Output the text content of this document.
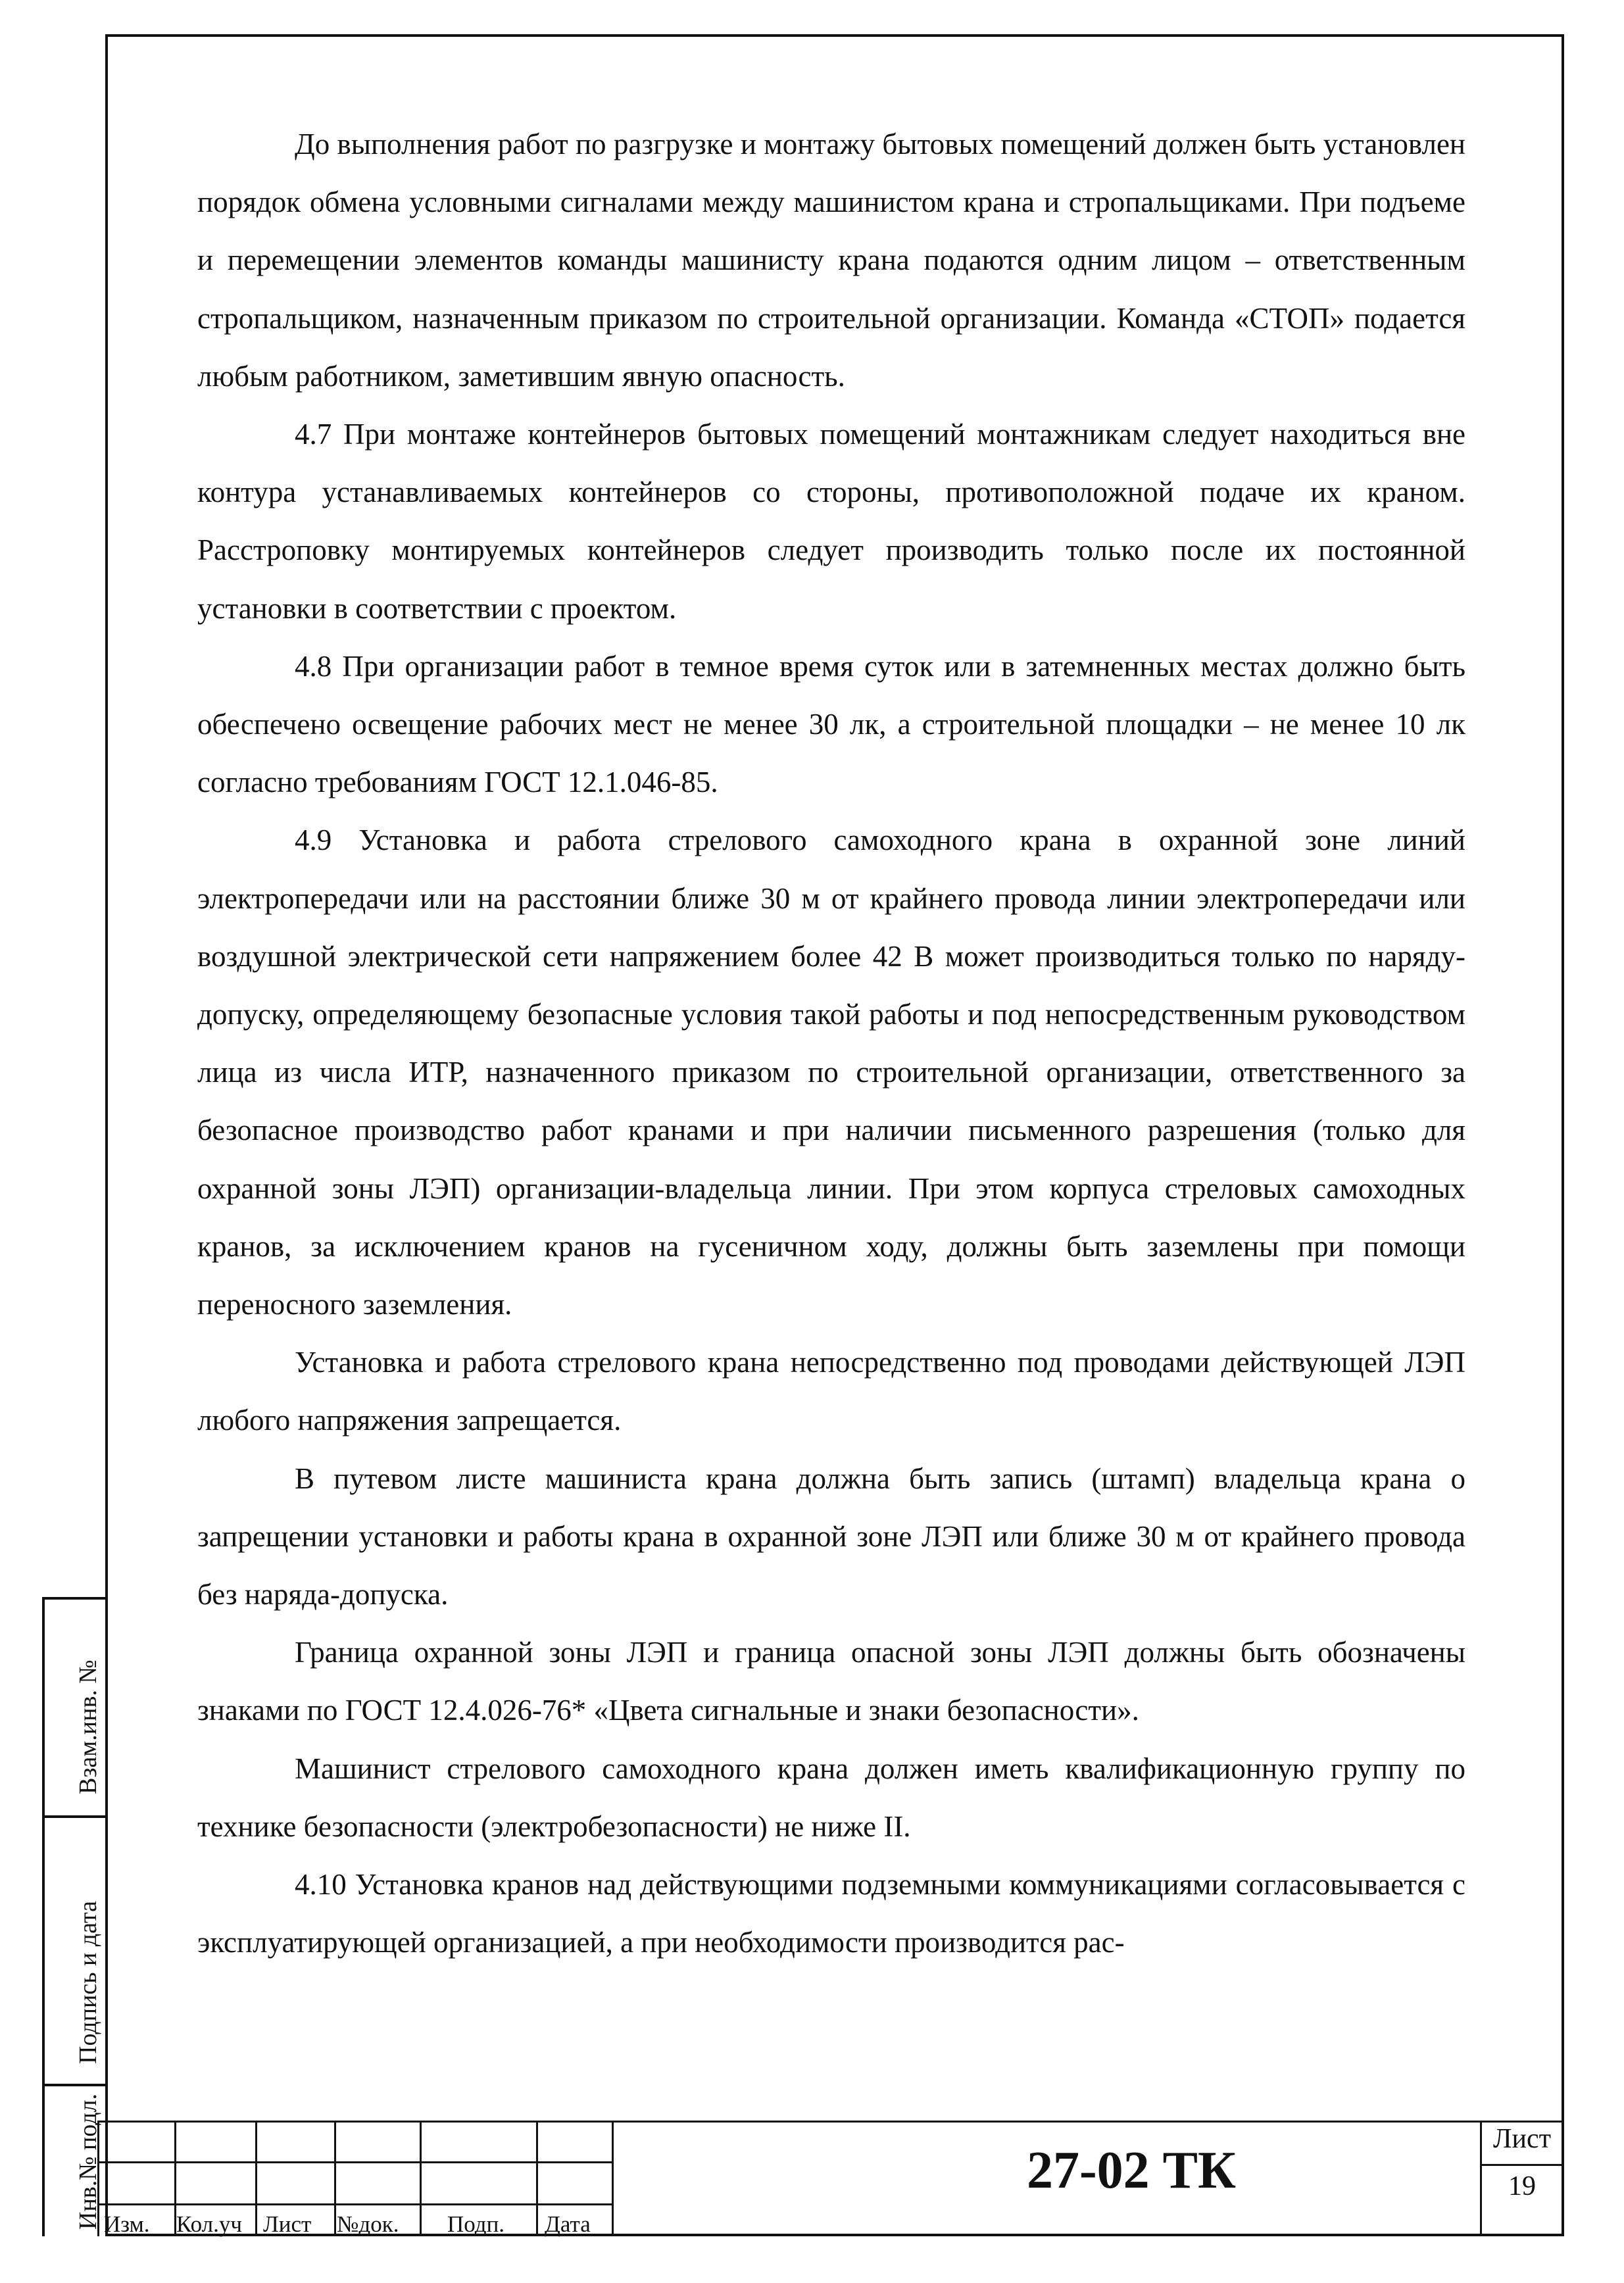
До выполнения работ по разгрузке и монтажу бытовых помещений должен быть установлен порядок обмена условными сигналами между машинистом крана и стропальщиками. При подъеме и перемещении элементов команды машинисту крана подаются одним лицом – ответственным стропальщиком, назначенным приказом по строительной организации. Команда «СТОП» подается любым работником, заметившим явную опасность.

4.7 При монтаже контейнеров бытовых помещений монтажникам следует находиться вне контура устанавливаемых контейнеров со стороны, противоположной подаче их краном. Расстроповку монтируемых контейнеров следует производить только после их постоянной установки в соответствии с проектом.

4.8 При организации работ в темное время суток или в затемненных местах должно быть обеспечено освещение рабочих мест не менее 30 лк, а строительной площадки – не менее 10 лк согласно требованиям ГОСТ 12.1.046-85.

4.9 Установка и работа стрелового самоходного крана в охранной зоне линий электропередачи или на расстоянии ближе 30 м от крайнего провода линии электропередачи или воздушной электрической сети напряжением более 42 В может производиться только по наряду-допуску, определяющему безопасные условия такой работы и под непосредственным руководством лица из числа ИТР, назначенного приказом по строительной организации, ответственного за безопасное производство работ кранами и при наличии письменного разрешения (только для охранной зоны ЛЭП) организации-владельца линии. При этом корпуса стреловых самоходных кранов, за исключением кранов на гусеничном ходу, должны быть заземлены при помощи переносного заземления.

Установка и работа стрелового крана непосредственно под проводами действующей ЛЭП любого напряжения запрещается.

В путевом листе машиниста крана должна быть запись (штамп) владельца крана о запрещении установки и работы крана в охранной зоне ЛЭП или ближе 30 м от крайнего провода без наряда-допуска.

Граница охранной зоны ЛЭП и граница опасной зоны ЛЭП должны быть обозначены знаками по ГОСТ 12.4.026-76* «Цвета сигнальные и знаки безопасности».

Машинист стрелового самоходного крана должен иметь квалификационную группу по технике безопасности (электробезопасности) не ниже II.

4.10 Установка кранов над действующими подземными коммуникациями согласовывается с эксплуатирующей организацией, а при необходимости производится рас-

Взам.инв. №
Подпись и дата
Инв.№ подл. Изм. Кол.уч Лист №док. Подп. Дата
27-02 ТК
Лист
19
